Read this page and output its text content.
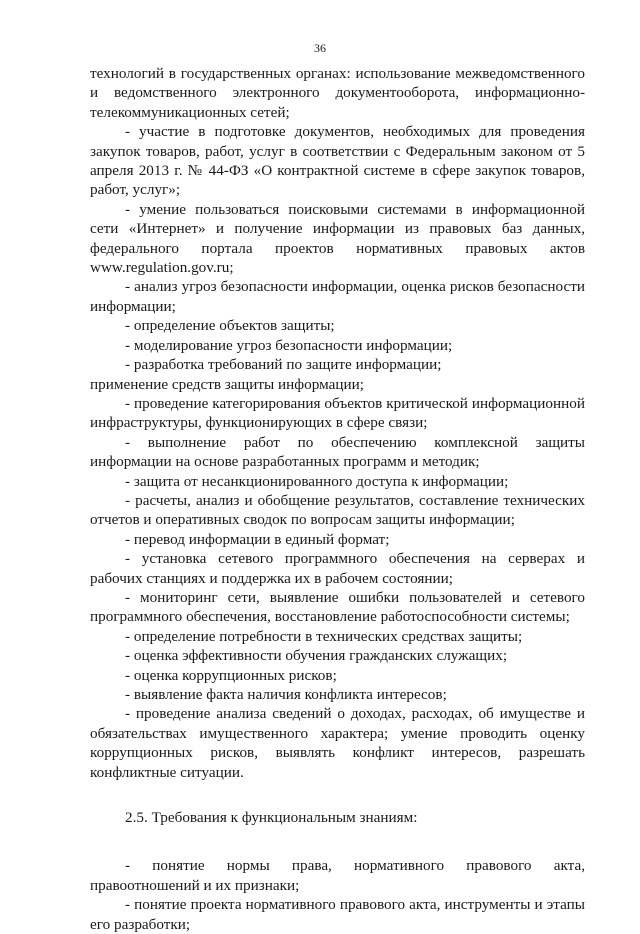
36

технологий в государственных органах: использование межведомственного и ведомственного электронного документооборота, информационно-телекоммуникационных сетей;

- участие в подготовке документов, необходимых для проведения закупок товаров, работ, услуг в соответствии с Федеральным законом от 5 апреля 2013 г. № 44-ФЗ «О контрактной системе в сфере закупок товаров, работ, услуг»;

- умение пользоваться поисковыми системами в информационной сети «Интернет» и получение информации из правовых баз данных, федерального портала проектов нормативных правовых актов www.regulation.gov.ru;

- анализ угроз безопасности информации, оценка рисков безопасности информации;

- определение объектов защиты;

- моделирование угроз безопасности информации;

- разработка требований по защите информации;

применение средств защиты информации;

- проведение категорирования объектов критической информационной инфраструктуры, функционирующих в сфере связи;

- выполнение работ по обеспечению комплексной защиты информации на основе разработанных программ и методик;

- защита от несанкционированного доступа к информации;

- расчеты, анализ и обобщение результатов, составление технических отчетов и оперативных сводок по вопросам защиты информации;

- перевод информации в единый формат;

- установка сетевого программного обеспечения на серверах и рабочих станциях и поддержка их в рабочем состоянии;

- мониторинг сети, выявление ошибки пользователей и сетевого программного обеспечения, восстановление работоспособности системы;

- определение потребности в технических средствах защиты;

- оценка эффективности обучения гражданских служащих;

- оценка коррупционных рисков;

- выявление факта наличия конфликта интересов;

- проведение анализа сведений о доходах, расходах, об имуществе и обязательствах имущественного характера; умение проводить оценку коррупционных рисков, выявлять конфликт интересов, разрешать конфликтные ситуации.

2.5. Требования к функциональным знаниям:

- понятие нормы права, нормативного правового акта, правоотношений и их признаки;

- понятие проекта нормативного правового акта, инструменты и этапы его разработки;
